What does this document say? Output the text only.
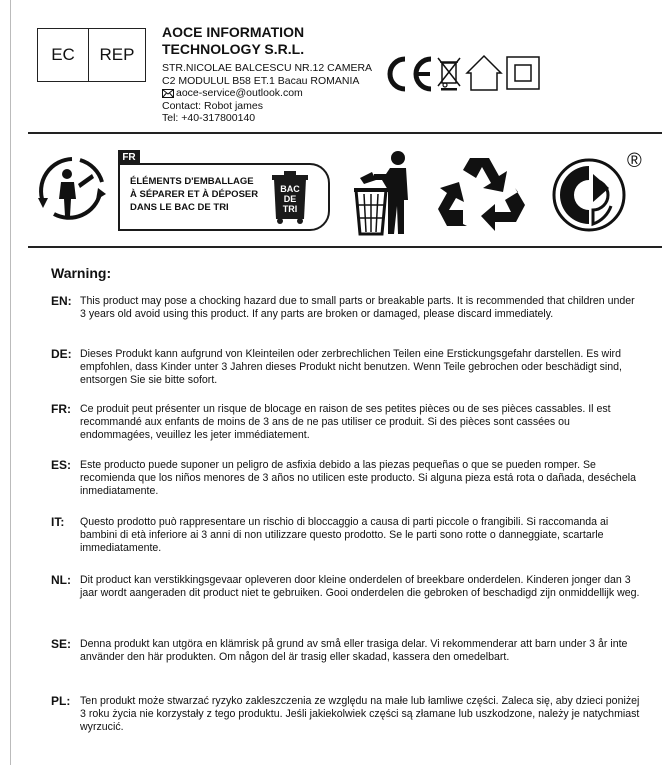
EC	REP
AOCE INFORMATION
TECHNOLOGY S.R.L.
STR.NICOLAE BALCESCU NR.12 CAMERA
C2 MODULUL B58 ET.1 Bacau ROMANIA
aoce-service@outlook.com
Contact: Robot james
Tel: +40-317800140
FR
ÉLÉMENTS D'EMBALLAGE
À SÉPARER ET À DÉPOSER
DANS LE BAC DE TRI
BAC
DE
TRI
®
Warning:
EN: This product may pose a chocking hazard due to small parts or breakable parts. It is recommended that children under 3 years old avoid using this product. If any parts are broken or damaged, please discard immediately.
DE: Dieses Produkt kann aufgrund von Kleinteilen oder zerbrechlichen Teilen eine Erstickungsgefahr darstellen. Es wird empfohlen, dass Kinder unter 3 Jahren dieses Produkt nicht benutzen. Wenn Teile gebrochen oder beschädigt sind, entsorgen Sie sie bitte sofort.
FR: Ce produit peut présenter un risque de blocage en raison de ses petites pièces ou de ses pièces cassables. Il est recommandé aux enfants de moins de 3 ans de ne pas utiliser ce produit. Si des pièces sont cassées ou endommagées, veuillez les jeter immédiatement.
ES: Este producto puede suponer un peligro de asfixia debido a las piezas pequeñas o que se pueden romper. Se recomienda que los niños menores de 3 años no utilicen este producto. Si alguna pieza está rota o dañada, deséchela inmediatamente.
IT:	Questo prodotto può rappresentare un rischio di bloccaggio a causa di parti piccole o frangibili. Si raccomanda ai bambini di età inferiore ai 3 anni di non utilizzare questo prodotto. Se le parti sono rotte o danneggiate, scartarle immediatamente.
NL: Dit product kan verstikkingsgevaar opleveren door kleine onderdelen of breekbare onderdelen. Kinderen jonger dan 3 jaar wordt aangeraden dit product niet te gebruiken. Gooi onderdelen die gebroken of beschadigd zijn onmiddellijk weg.
SE: Denna produkt kan utgöra en klämrisk på grund av små eller trasiga delar. Vi rekommenderar att barn under 3 år inte använder den här produkten. Om någon del är trasig eller skadad, kassera den omedelbart.
PL: Ten produkt może stwarzać ryzyko zakleszczenia ze względu na małe lub łamliwe części. Zaleca się, aby dzieci poniżej 3 roku życia nie korzystały z tego produktu. Jeśli jakiekolwiek części są złamane lub uszkodzone, należy je natychmiast wyrzucić.
